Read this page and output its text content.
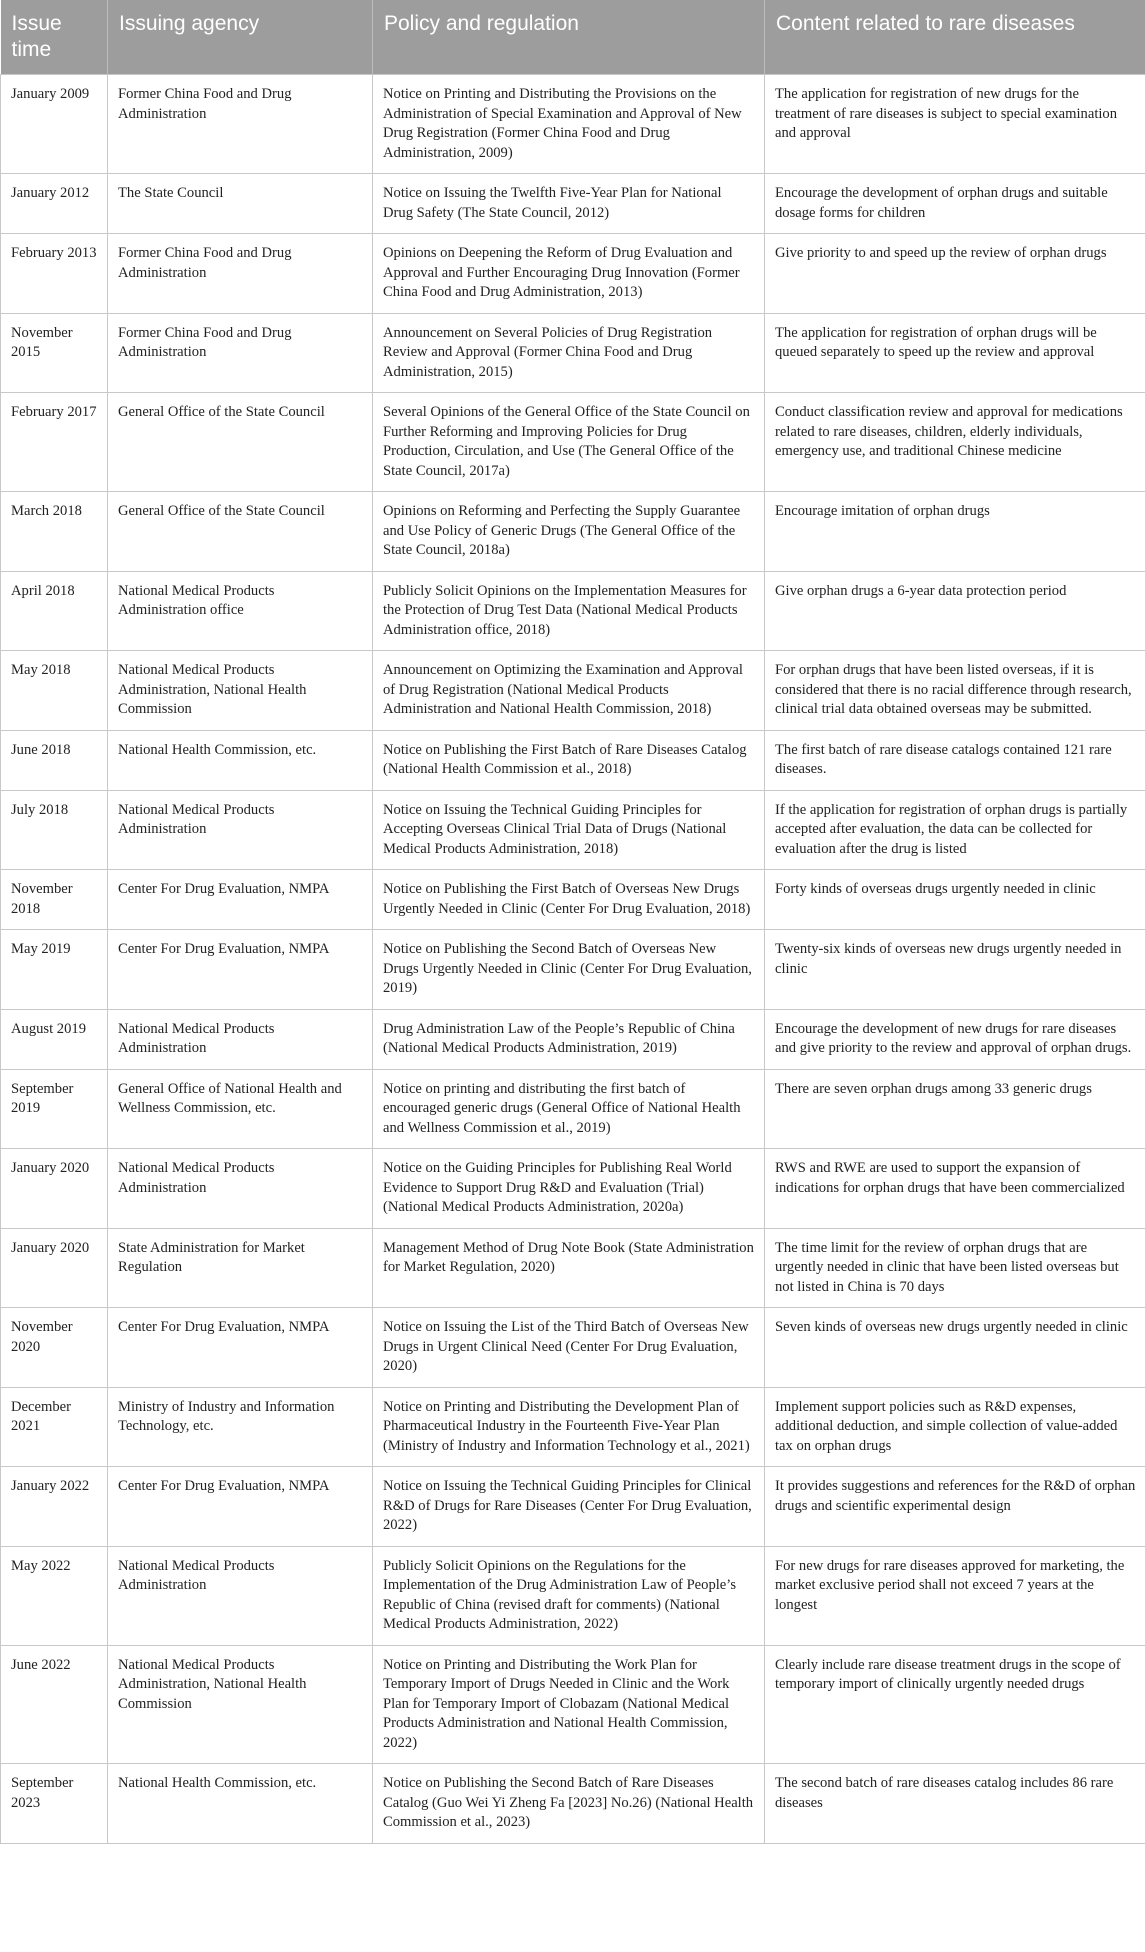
Issue time	Issuing agency	Policy and regulation	Content related to rare diseases
January 2009	Former China Food and Drug Administration	Notice on Printing and Distributing the Provisions on the Administration of Special Examination and Approval of New Drug Registration (Former China Food and Drug Administration, 2009)	The application for registration of new drugs for the treatment of rare diseases is subject to special examination and approval
January 2012	The State Council	Notice on Issuing the Twelfth Five-Year Plan for National Drug Safety (The State Council, 2012)	Encourage the development of orphan drugs and suitable dosage forms for children
February 2013	Former China Food and Drug Administration	Opinions on Deepening the Reform of Drug Evaluation and Approval and Further Encouraging Drug Innovation (Former China Food and Drug Administration, 2013)	Give priority to and speed up the review of orphan drugs
November 2015	Former China Food and Drug Administration	Announcement on Several Policies of Drug Registration Review and Approval (Former China Food and Drug Administration, 2015)	The application for registration of orphan drugs will be queued separately to speed up the review and approval
February 2017	General Office of the State Council	Several Opinions of the General Office of the State Council on Further Reforming and Improving Policies for Drug Production, Circulation, and Use (The General Office of the State Council, 2017a)	Conduct classification review and approval for medications related to rare diseases, children, elderly individuals, emergency use, and traditional Chinese medicine
March 2018	General Office of the State Council	Opinions on Reforming and Perfecting the Supply Guarantee and Use Policy of Generic Drugs (The General Office of the State Council, 2018a)	Encourage imitation of orphan drugs
April 2018	National Medical Products Administration office	Publicly Solicit Opinions on the Implementation Measures for the Protection of Drug Test Data (National Medical Products Administration office, 2018)	Give orphan drugs a 6-year data protection period
May 2018	National Medical Products Administration, National Health Commission	Announcement on Optimizing the Examination and Approval of Drug Registration (National Medical Products Administration and National Health Commission, 2018)	For orphan drugs that have been listed overseas, if it is considered that there is no racial difference through research, clinical trial data obtained overseas may be submitted.
June 2018	National Health Commission, etc.	Notice on Publishing the First Batch of Rare Diseases Catalog (National Health Commission et al., 2018)	The first batch of rare disease catalogs contained 121 rare diseases.
July 2018	National Medical Products Administration	Notice on Issuing the Technical Guiding Principles for Accepting Overseas Clinical Trial Data of Drugs (National Medical Products Administration, 2018)	If the application for registration of orphan drugs is partially accepted after evaluation, the data can be collected for evaluation after the drug is listed
November 2018	Center For Drug Evaluation, NMPA	Notice on Publishing the First Batch of Overseas New Drugs Urgently Needed in Clinic (Center For Drug Evaluation, 2018)	Forty kinds of overseas drugs urgently needed in clinic
May 2019	Center For Drug Evaluation, NMPA	Notice on Publishing the Second Batch of Overseas New Drugs Urgently Needed in Clinic (Center For Drug Evaluation, 2019)	Twenty-six kinds of overseas new drugs urgently needed in clinic
August 2019	National Medical Products Administration	Drug Administration Law of the People’s Republic of China (National Medical Products Administration, 2019)	Encourage the development of new drugs for rare diseases and give priority to the review and approval of orphan drugs.
September 2019	General Office of National Health and Wellness Commission, etc.	Notice on printing and distributing the first batch of encouraged generic drugs (General Office of National Health and Wellness Commission et al., 2019)	There are seven orphan drugs among 33 generic drugs
January 2020	National Medical Products Administration	Notice on the Guiding Principles for Publishing Real World Evidence to Support Drug R&D and Evaluation (Trial) (National Medical Products Administration, 2020a)	RWS and RWE are used to support the expansion of indications for orphan drugs that have been commercialized
January 2020	State Administration for Market Regulation	Management Method of Drug Note Book (State Administration for Market Regulation, 2020)	The time limit for the review of orphan drugs that are urgently needed in clinic that have been listed overseas but not listed in China is 70 days
November 2020	Center For Drug Evaluation, NMPA	Notice on Issuing the List of the Third Batch of Overseas New Drugs in Urgent Clinical Need (Center For Drug Evaluation, 2020)	Seven kinds of overseas new drugs urgently needed in clinic
December 2021	Ministry of Industry and Information Technology, etc.	Notice on Printing and Distributing the Development Plan of Pharmaceutical Industry in the Fourteenth Five-Year Plan (Ministry of Industry and Information Technology et al., 2021)	Implement support policies such as R&D expenses, additional deduction, and simple collection of value-added tax on orphan drugs
January 2022	Center For Drug Evaluation, NMPA	Notice on Issuing the Technical Guiding Principles for Clinical R&D of Drugs for Rare Diseases (Center For Drug Evaluation, 2022)	It provides suggestions and references for the R&D of orphan drugs and scientific experimental design
May 2022	National Medical Products Administration	Publicly Solicit Opinions on the Regulations for the Implementation of the Drug Administration Law of People’s Republic of China (revised draft for comments) (National Medical Products Administration, 2022)	For new drugs for rare diseases approved for marketing, the market exclusive period shall not exceed 7 years at the longest
June 2022	National Medical Products Administration, National Health Commission	Notice on Printing and Distributing the Work Plan for Temporary Import of Drugs Needed in Clinic and the Work Plan for Temporary Import of Clobazam (National Medical Products Administration and National Health Commission, 2022)	Clearly include rare disease treatment drugs in the scope of temporary import of clinically urgently needed drugs
September 2023	National Health Commission, etc.	Notice on Publishing the Second Batch of Rare Diseases Catalog (Guo Wei Yi Zheng Fa [2023] No.26) (National Health Commission et al., 2023)	The second batch of rare diseases catalog includes 86 rare diseases
